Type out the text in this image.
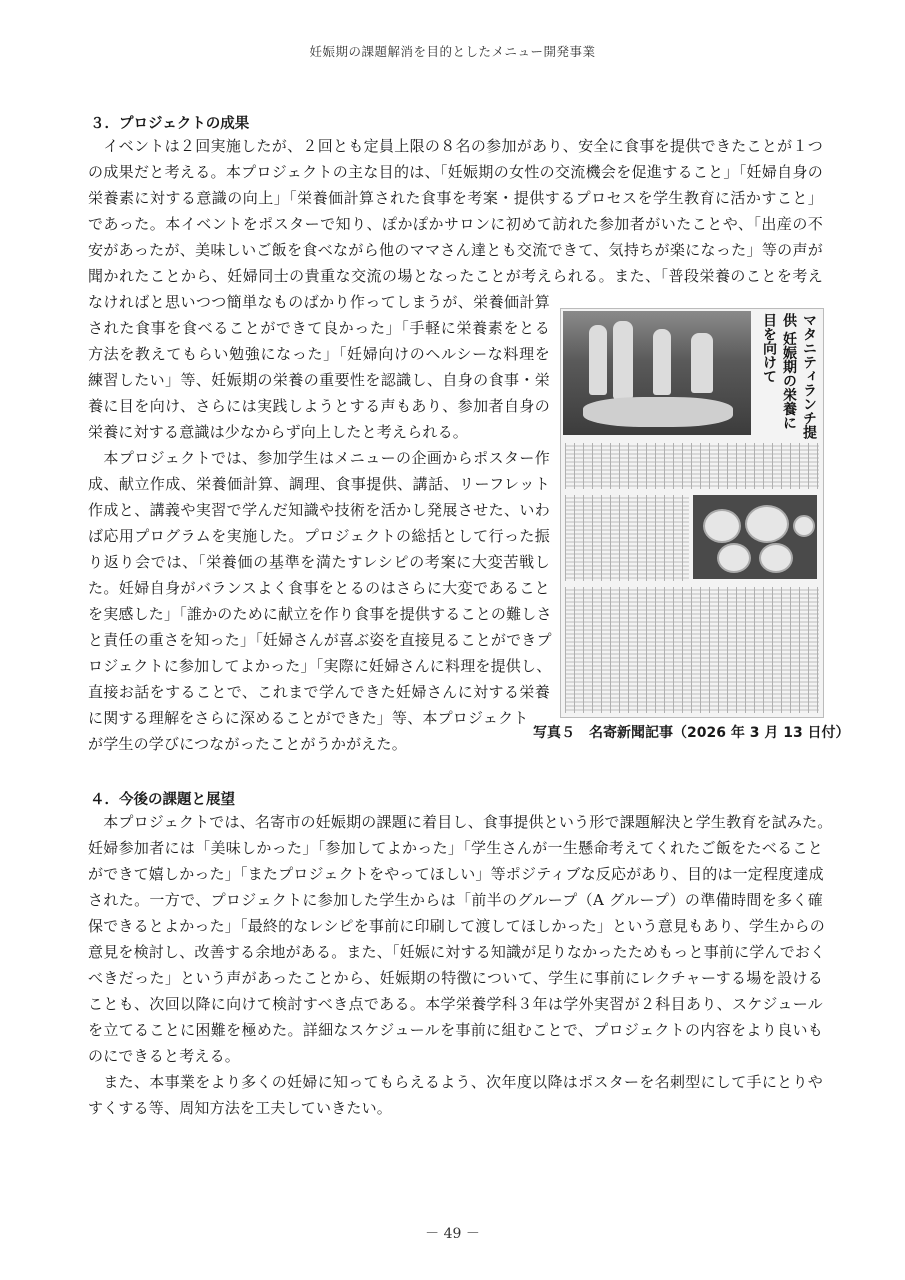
妊娠期の課題解消を目的としたメニュー開発事業
３．プロジェクトの成果
　イベントは２回実施したが、２回とも定員上限の８名の参加があり、安全に食事を提供できたことが１つ
の成果だと考える。本プロジェクトの主な目的は、「妊娠期の女性の交流機会を促進すること」「妊婦自身の
栄養素に対する意識の向上」「栄養価計算された食事を考案・提供するプロセスを学生教育に活かすこと」
であった。本イベントをポスターで知り、ぽかぽかサロンに初めて訪れた参加者がいたことや、「出産の不
安があったが、美味しいご飯を食べながら他のママさん達とも交流できて、気持ちが楽になった」等の声が
聞かれたことから、妊婦同士の貴重な交流の場となったことが考えられる。また、「普段栄養のことを考え
なければと思いつつ簡単なものばかり作ってしまうが、栄養価計算
された食事を食べることができて良かった」「手軽に栄養素をとる
方法を教えてもらい勉強になった」「妊婦向けのヘルシーな料理を
練習したい」等、妊娠期の栄養の重要性を認識し、自身の食事・栄
養に目を向け、さらには実践しようとする声もあり、参加者自身の
栄養に対する意識は少なからず向上したと考えられる。
　本プロジェクトでは、参加学生はメニューの企画からポスター作
成、献立作成、栄養価計算、調理、食事提供、講話、リーフレット
作成と、講義や実習で学んだ知識や技術を活かし発展させた、いわ
ば応用プログラムを実施した。プロジェクトの総括として行った振
り返り会では、「栄養価の基準を満たすレシピの考案に大変苦戦し
た。妊婦自身がバランスよく食事をとるのはさらに大変であること
を実感した」「誰かのために献立を作り食事を提供することの難しさ
と責任の重さを知った」「妊婦さんが喜ぶ姿を直接見ることができプ
ロジェクトに参加してよかった」「実際に妊婦さんに料理を提供し、
直接お話をすることで、これまで学んできた妊婦さんに対する栄養
に関する理解をさらに深めることができた」等、本プロジェクト
が学生の学びにつながったことがうかがえた。
マタニティランチ提供 妊娠期の栄養に目を向けて
写真５　名寄新聞記事（2026 年 3 月 13 日付）
４．今後の課題と展望
　本プロジェクトでは、名寄市の妊娠期の課題に着目し、食事提供という形で課題解決と学生教育を試みた。
妊婦参加者には「美味しかった」「参加してよかった」「学生さんが一生懸命考えてくれたご飯をたべること
ができて嬉しかった」「またプロジェクトをやってほしい」等ポジティブな反応があり、目的は一定程度達成
された。一方で、プロジェクトに参加した学生からは「前半のグループ（A グループ）の準備時間を多く確
保できるとよかった」「最終的なレシピを事前に印刷して渡してほしかった」という意見もあり、学生からの
意見を検討し、改善する余地がある。また、「妊娠に対する知識が足りなかったためもっと事前に学んでおく
べきだった」という声があったことから、妊娠期の特徴について、学生に事前にレクチャーする場を設ける
ことも、次回以降に向けて検討すべき点である。本学栄養学科３年は学外実習が２科目あり、スケジュール
を立てることに困難を極めた。詳細なスケジュールを事前に組むことで、プロジェクトの内容をより良いも
のにできると考える。
　また、本事業をより多くの妊婦に知ってもらえるよう、次年度以降はポスターを名刺型にして手にとりや
すくする等、周知方法を工夫していきたい。
－ 49 －
